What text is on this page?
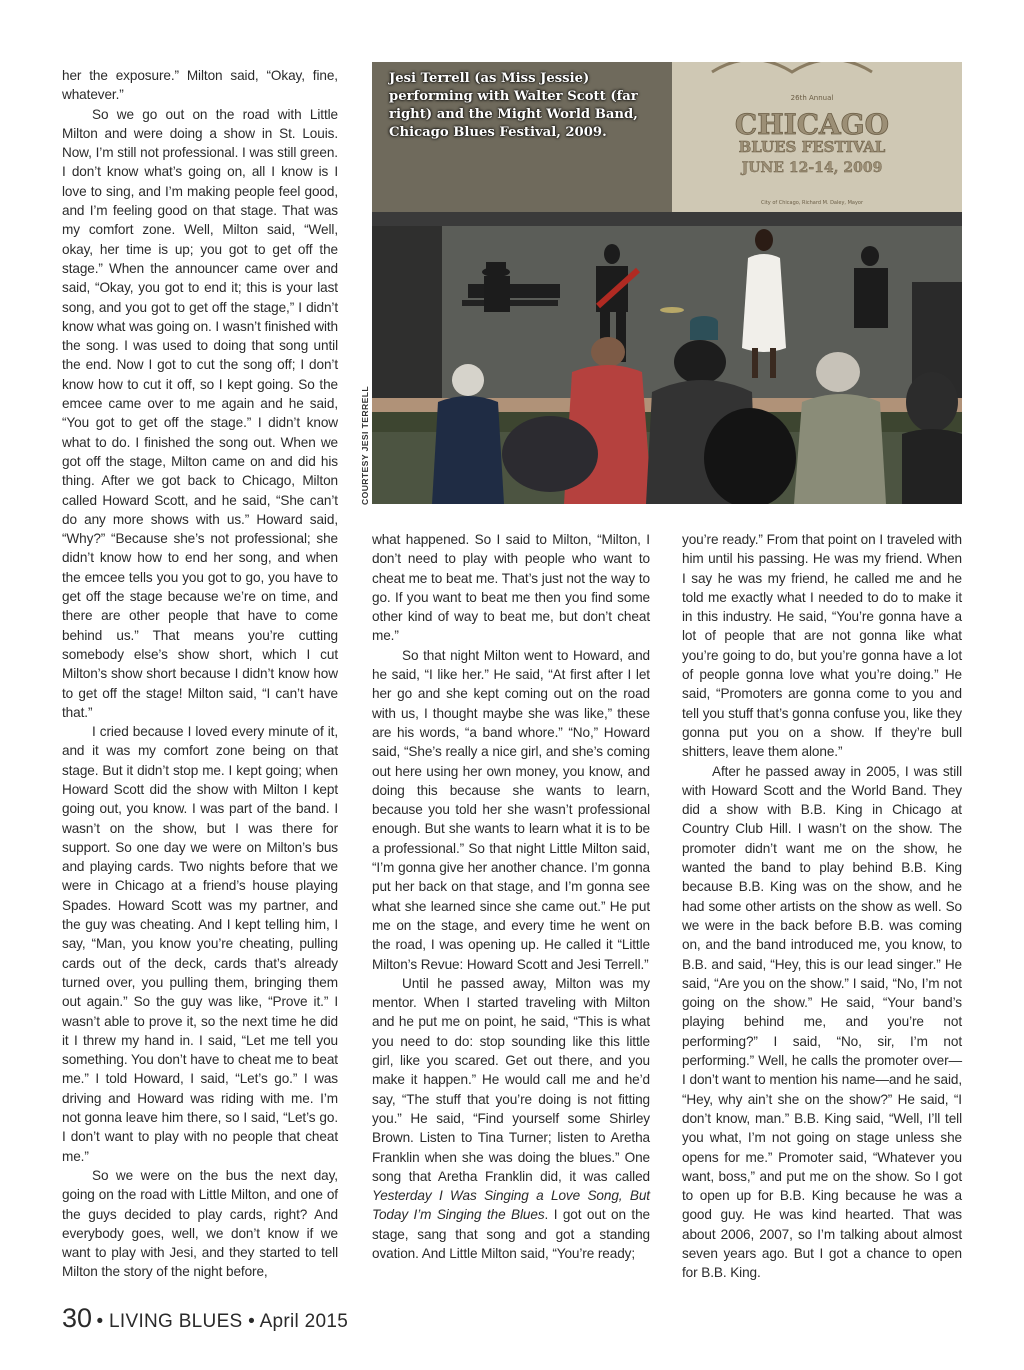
her the exposure.” Milton said, “Okay, fine, whatever.”

So we go out on the road with Little Milton and were doing a show in St. Louis. Now, I’m still not professional. I was still green. I don’t know what’s going on, all I know is I love to sing, and I’m making people feel good, and I’m feeling good on that stage. That was my comfort zone. Well, Milton said, “Well, okay, her time is up; you got to get off the stage.” When the announcer came over and said, “Okay, you got to end it; this is your last song, and you got to get off the stage,” I didn’t know what was going on. I wasn’t finished with the song. I was used to doing that song until the end. Now I got to cut the song off; I don’t know how to cut it off, so I kept going. So the emcee came over to me again and he said, “You got to get off the stage.” I didn’t know what to do. I finished the song out. When we got off the stage, Milton came on and did his thing. After we got back to Chicago, Milton called Howard Scott, and he said, “She can’t do any more shows with us.” Howard said, “Why?” “Because she’s not professional; she didn’t know how to end her song, and when the emcee tells you you got to go, you have to get off the stage because we’re on time, and there are other people that have to come behind us.” That means you’re cutting somebody else’s show short, which I cut Milton’s show short because I didn’t know how to get off the stage! Milton said, “I can’t have that.”

I cried because I loved every minute of it, and it was my comfort zone being on that stage. But it didn’t stop me. I kept going; when Howard Scott did the show with Milton I kept going out, you know. I was part of the band. I wasn’t on the show, but I was there for support. So one day we were on Milton’s bus and playing cards. Two nights before that we were in Chicago at a friend’s house playing Spades. Howard Scott was my partner, and the guy was cheating. And I kept telling him, I say, “Man, you know you’re cheating, pulling cards out of the deck, cards that’s already turned over, you pulling them, bringing them out again.” So the guy was like, “Prove it.” I wasn’t able to prove it, so the next time he did it I threw my hand in. I said, “Let me tell you something. You don’t have to cheat me to beat me.” I told Howard, I said, “Let’s go.” I was driving and Howard was riding with me. I’m not gonna leave him there, so I said, “Let’s go. I don’t want to play with no people that cheat me.”

So we were on the bus the next day, going on the road with Little Milton, and one of the guys decided to play cards, right? And everybody goes, well, we don’t know if we want to play with Jesi, and they started to tell Milton the story of the night before,

26th Annual
CHICAGO
BLUES FESTIVAL
JUNE 12-14, 2009
City of Chicago, Richard M. Daley, Mayor
Jesi Terrell (as Miss Jessie) performing with Walter Scott (far right) and the Might World Band, Chicago Blues Festival, 2009.
COURTESY JESI TERRELL

what happened. So I said to Milton, “Milton, I don’t need to play with people who want to cheat me to beat me. That’s just not the way to go. If you want to beat me then you find some other kind of way to beat me, but don’t cheat me.”

So that night Milton went to Howard, and he said, “I like her.” He said, “At first after I let her go and she kept coming out on the road with us, I thought maybe she was like,” these are his words, “a band whore.” “No,” Howard said, “She’s really a nice girl, and she’s coming out here using her own money, you know, and doing this because she wants to learn, because you told her she wasn’t professional enough. But she wants to learn what it is to be a professional.” So that night Little Milton said, “I’m gonna give her another chance. I’m gonna put her back on that stage, and I’m gonna see what she learned since she came out.” He put me on the stage, and every time he went on the road, I was opening up. He called it “Little Milton’s Revue: Howard Scott and Jesi Terrell.”

Until he passed away, Milton was my mentor. When I started traveling with Milton and he put me on point, he said, “This is what you need to do: stop sounding like this little girl, like you scared. Get out there, and you make it happen.” He would call me and he’d say, “The stuff that you’re doing is not fitting you.” He said, “Find yourself some Shirley Brown. Listen to Tina Turner; listen to Aretha Franklin when she was doing the blues.” One song that Aretha Franklin did, it was called Yesterday I Was Singing a Love Song, But Today I’m Singing the Blues. I got out on the stage, sang that song and got a standing ovation. And Little Milton said, “You’re ready;

you’re ready.” From that point on I traveled with him until his passing. He was my friend. When I say he was my friend, he called me and he told me exactly what I needed to do to make it in this industry. He said, “You’re gonna have a lot of people that are not gonna like what you’re going to do, but you’re gonna have a lot of people gonna love what you’re doing.” He said, “Promoters are gonna come to you and tell you stuff that’s gonna confuse you, like they gonna put you on a show. If they’re bull shitters, leave them alone.”

After he passed away in 2005, I was still with Howard Scott and the World Band. They did a show with B.B. King in Chicago at Country Club Hill. I wasn’t on the show. The promoter didn’t want me on the show, he wanted the band to play behind B.B. King because B.B. King was on the show, and he had some other artists on the show as well. So we were in the back before B.B. was coming on, and the band introduced me, you know, to B.B. and said, “Hey, this is our lead singer.” He said, “Are you on the show.” I said, “No, I’m not going on the show.” He said, “Your band’s playing behind me, and you’re not performing?” I said, “No, sir, I’m not performing.” Well, he calls the promoter over—I don’t want to mention his name—and he said, “Hey, why ain’t she on the show?” He said, “I don’t know, man.” B.B. King said, “Well, I’ll tell you what, I’m not going on stage unless she opens for me.” Promoter said, “Whatever you want, boss,” and put me on the show. So I got to open up for B.B. King because he was a good guy. He was kind hearted. That was about 2006, 2007, so I’m talking about almost seven years ago. But I got a chance to open for B.B. King.

30 • LIVING BLUES • April 2015
